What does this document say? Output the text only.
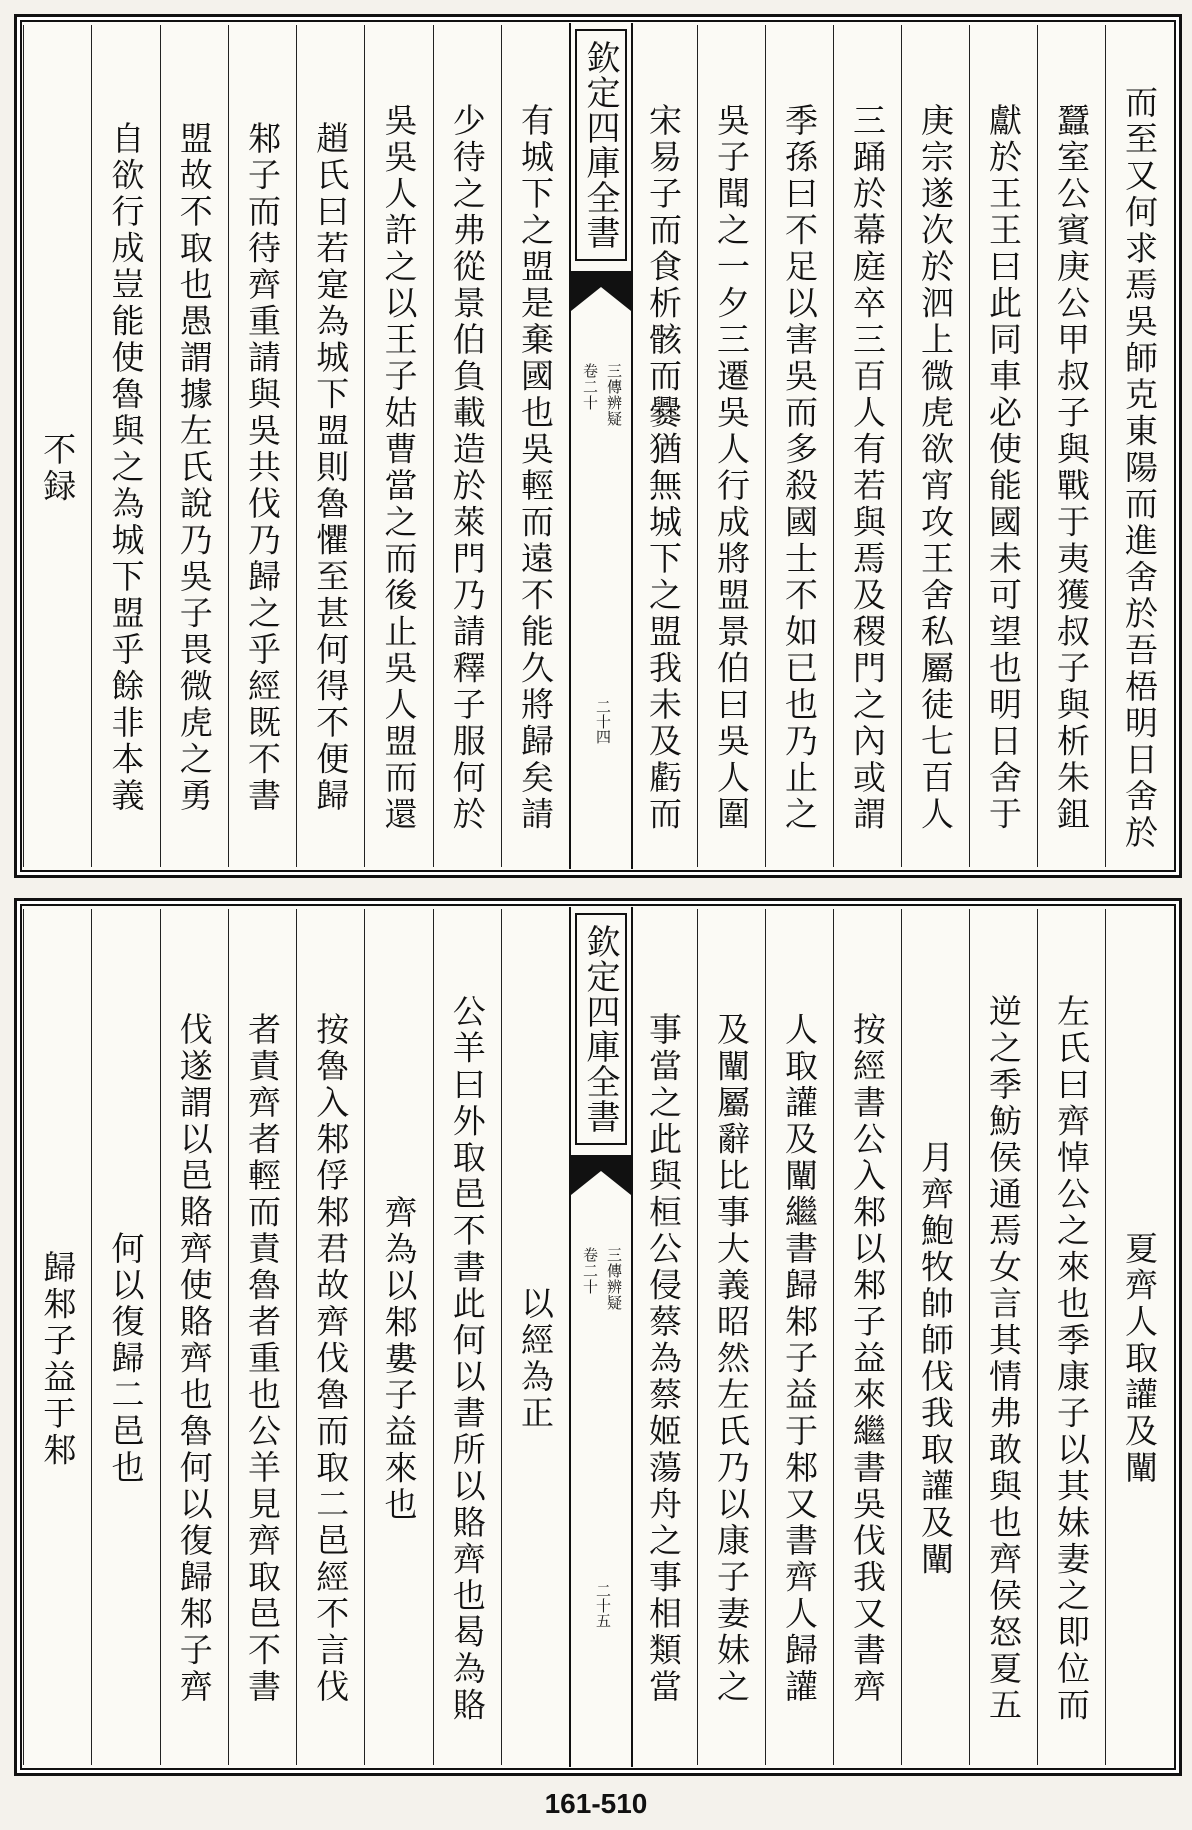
而至又何求焉吳師克東陽而進舍於吾梧明日舍於
蠶室公賓庚公甲叔子與戰于夷獲叔子與析朱鉏
獻於王王曰此同車必使能國未可望也明日舍于
庚宗遂次於泗上微虎欲宵攻王舍私屬徒七百人
三踊於幕庭卒三百人有若與焉及稷門之內或謂
季孫曰不足以害吳而多殺國士不如已也乃止之
吳子聞之一夕三遷吳人行成將盟景伯曰吳人圍
宋易子而食析骸而爨猶無城下之盟我未及虧而
有城下之盟是棄國也吳輕而遠不能久將歸矣請
少待之弗從景伯負載造於萊門乃請釋子服何於
吳吳人許之以王子姑曹當之而後止吳人盟而還
趙氏曰若寔為城下盟則魯懼至甚何得不便歸
邾子而待齊重請與吳共伐乃歸之乎經既不書
盟故不取也愚謂據左氏說乃吳子畏微虎之勇
自欲行成豈能使魯與之為城下盟乎餘非本義
不録
欽定四庫全書
三傳辨疑
卷二十
二十四
夏齊人取讙及闡
左氏曰齊悼公之來也季康子以其妹妻之即位而
逆之季魴侯通焉女言其情弗敢與也齊侯怒夏五
月齊鮑牧帥師伐我取讙及闡
按經書公入邾以邾子益來繼書吳伐我又書齊
人取讙及闡繼書歸邾子益于邾又書齊人歸讙
及闡屬辭比事大義昭然左氏乃以康子妻妹之
事當之此與桓公侵蔡為蔡姬蕩舟之事相類當
以經為正
公羊曰外取邑不書此何以書所以賂齊也曷為賂
齊為以邾婁子益來也
按魯入邾俘邾君故齊伐魯而取二邑經不言伐
者責齊者輕而責魯者重也公羊見齊取邑不書
伐遂謂以邑賂齊使賂齊也魯何以復歸邾子齊
何以復歸二邑也
歸邾子益于邾
欽定四庫全書
三傳辨疑
卷二十
二十五
161-510
